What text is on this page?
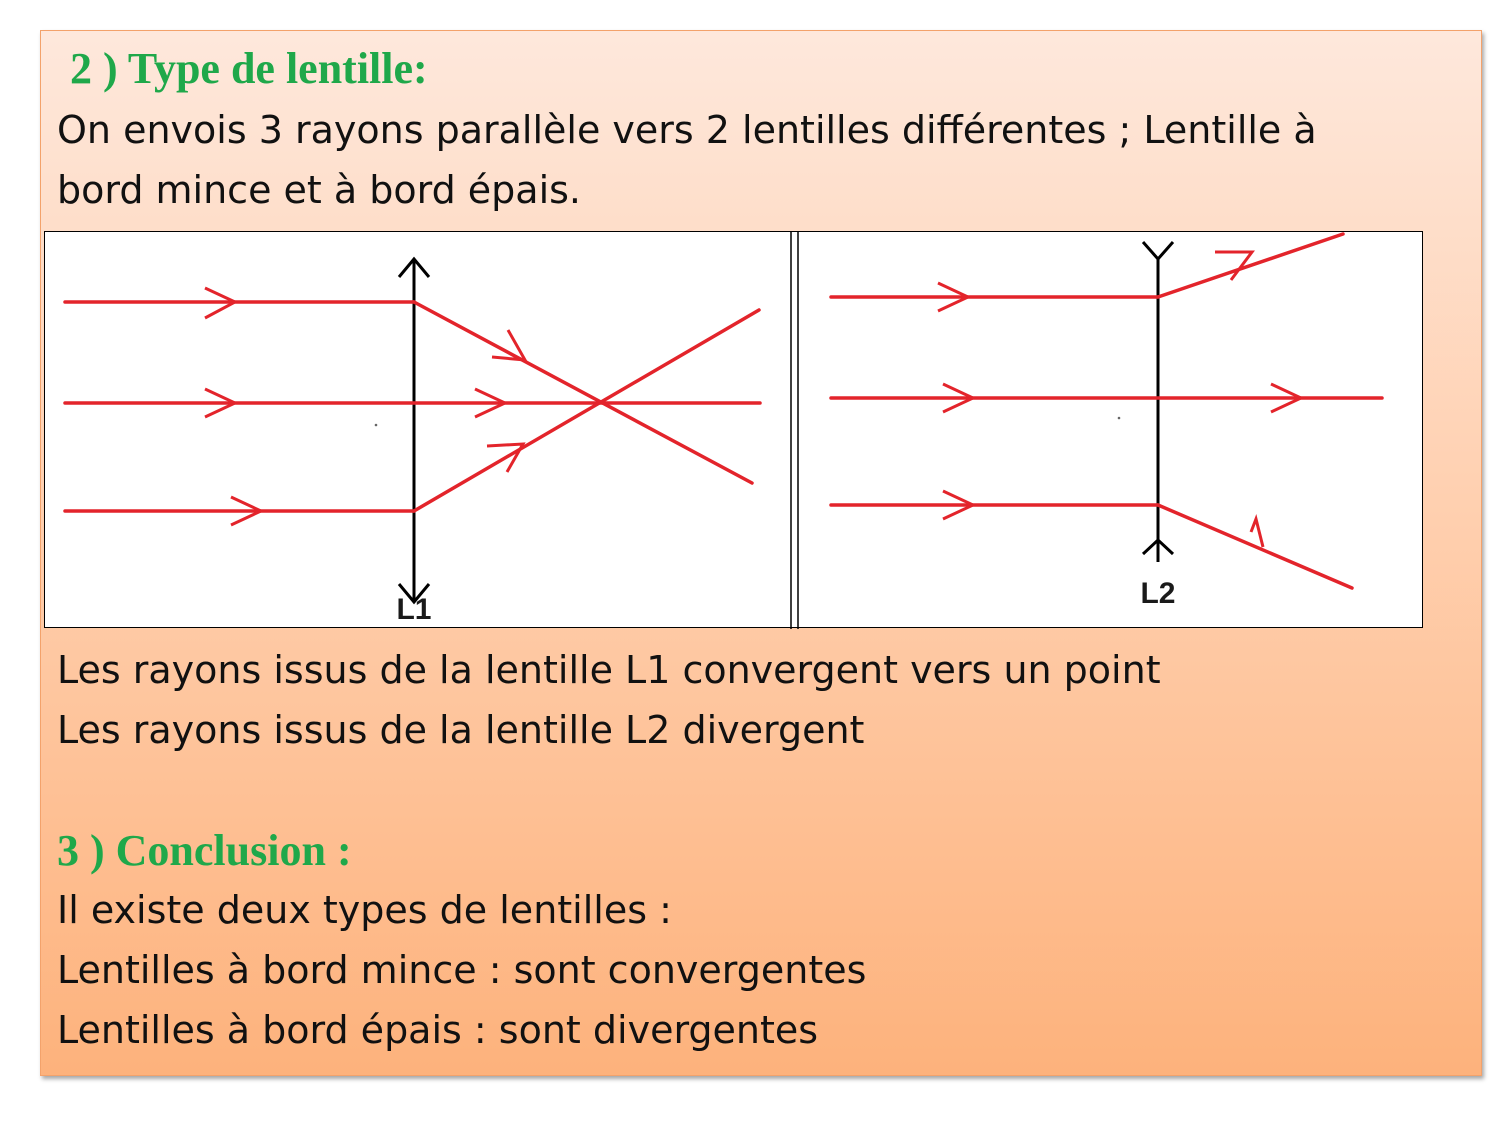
2 ) Type de lentille:
On envois 3 rayons parallèle vers 2 lentilles différentes ; Lentille à
bord mince et à bord épais.
L1	L2
Les rayons issus de la lentille L1 convergent vers un point
Les rayons issus de la lentille L2 divergent
3 ) Conclusion :
Il existe deux types de lentilles :
Lentilles à bord mince : sont convergentes
Lentilles à bord épais : sont divergentes
